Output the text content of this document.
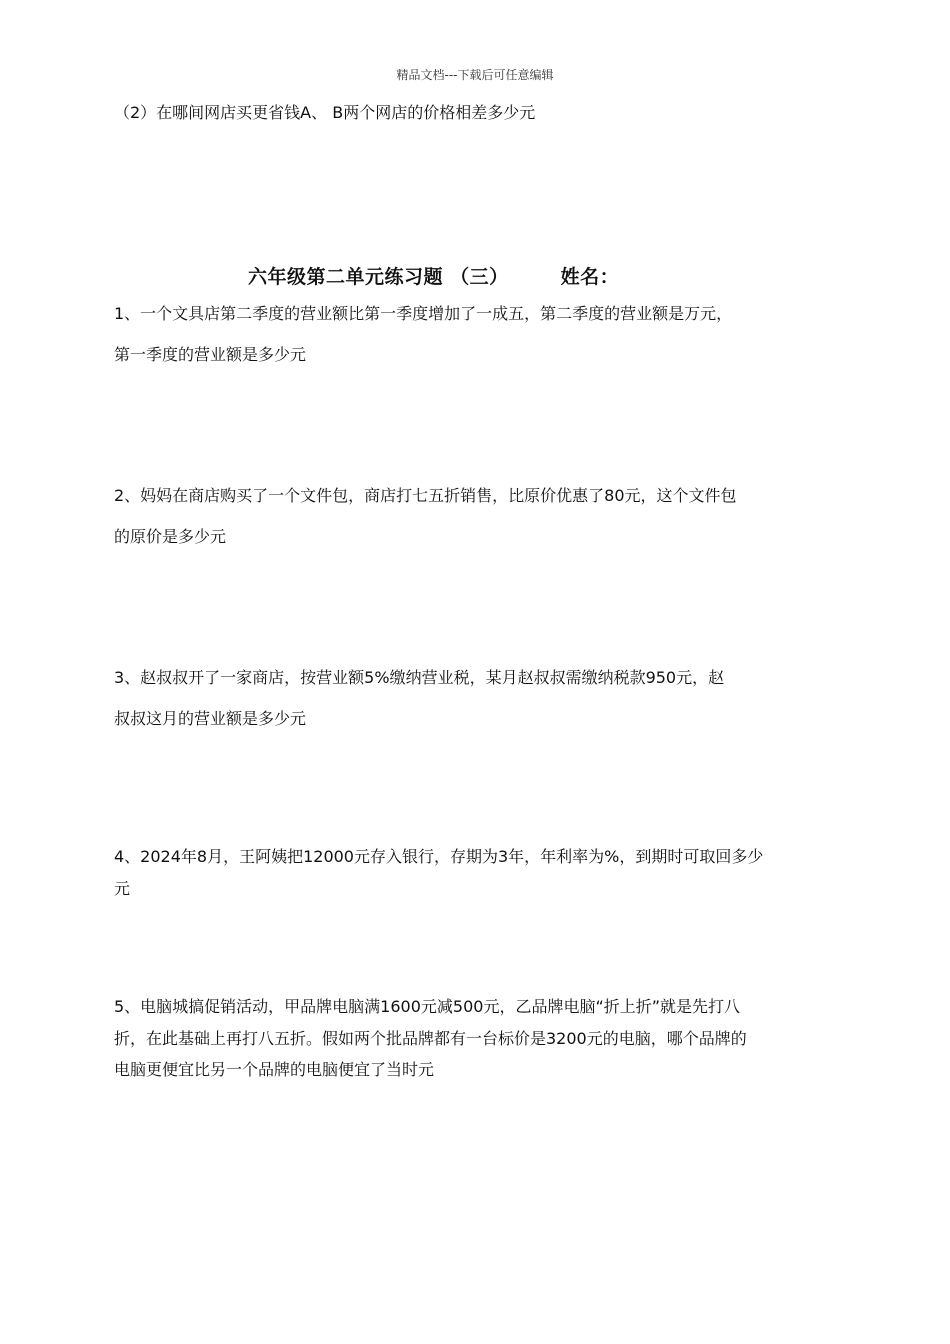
精品文档---下载后可任意编辑
（2）在哪间网店买更省钱A、 B两个网店的价格相差多少元
六年级第二单元练习题 （三）	姓名：
1、一个文具店第二季度的营业额比第一季度增加了一成五，第二季度的营业额是万元，
第一季度的营业额是多少元
2、妈妈在商店购买了一个文件包，商店打七五折销售，比原价优惠了80元，这个文件包
的原价是多少元
3、赵叔叔开了一家商店，按营业额5%缴纳营业税，某月赵叔叔需缴纳税款950元，赵
叔叔这月的营业额是多少元
4、2024年8月，王阿姨把12000元存入银行，存期为3年，年利率为%，到期时可取回多少
元
5、电脑城搞促销活动，甲品牌电脑满1600元减500元，乙品牌电脑“折上折”就是先打八
折，在此基础上再打八五折。假如两个批品牌都有一台标价是3200元的电脑，哪个品牌的
电脑更便宜比另一个品牌的电脑便宜了当时元
